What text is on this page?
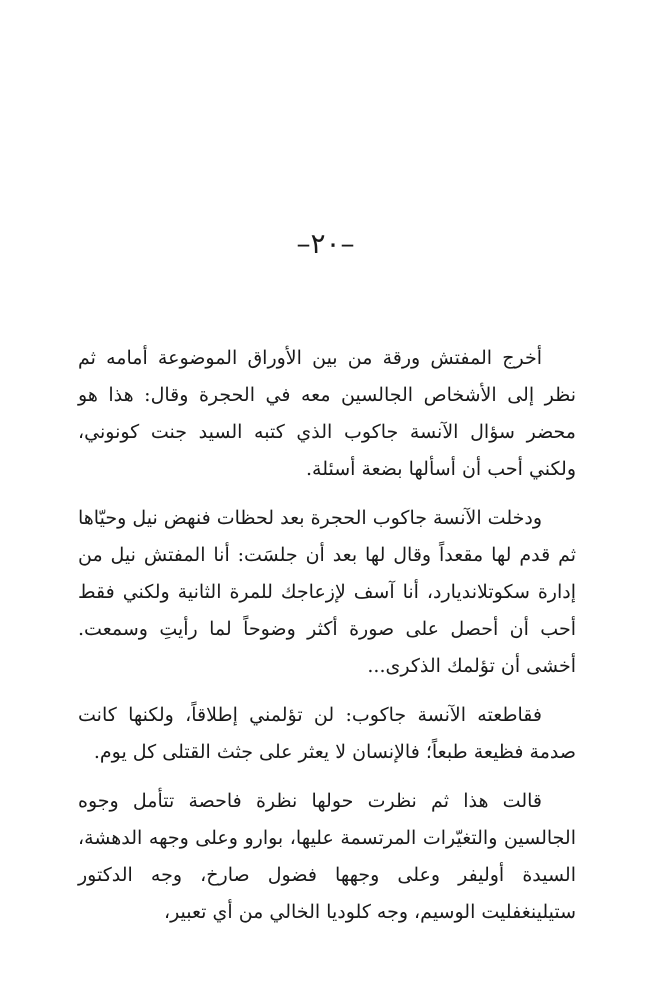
–٢٠–

أخرج المفتش ورقة من بين الأوراق الموضوعة أمامه ثم نظر إلى الأشخاص الجالسين معه في الحجرة وقال: هذا هو محضر سؤال الآنسة جاكوب الذي كتبه السيد جنت كونوني، ولكني أحب أن أسألها بضعة أسئلة.

ودخلت الآنسة جاكوب الحجرة بعد لحظات فنهض نيل وحيّاها ثم قدم لها مقعداً وقال لها بعد أن جلسَت: أنا المفتش نيل من إدارة سكوتلانديارد، أنا آسف لإزعاجك للمرة الثانية ولكني فقط أحب أن أحصل على صورة أكثر وضوحاً لما رأيتِ وسمعت. أخشى أن تؤلمك الذكرى...

فقاطعته الآنسة جاكوب: لن تؤلمني إطلاقاً، ولكنها كانت صدمة فظيعة طبعاً؛ فالإنسان لا يعثر على جثث القتلى كل يوم.

قالت هذا ثم نظرت حولها نظرة فاحصة تتأمل وجوه الجالسين والتغيّرات المرتسمة عليها، بوارو وعلى وجهه الدهشة، السيدة أوليفر وعلى وجهها فضول صارخ، وجه الدكتور ستيلينغفليت الوسيم، وجه كلوديا الخالي من أي تعبير،
